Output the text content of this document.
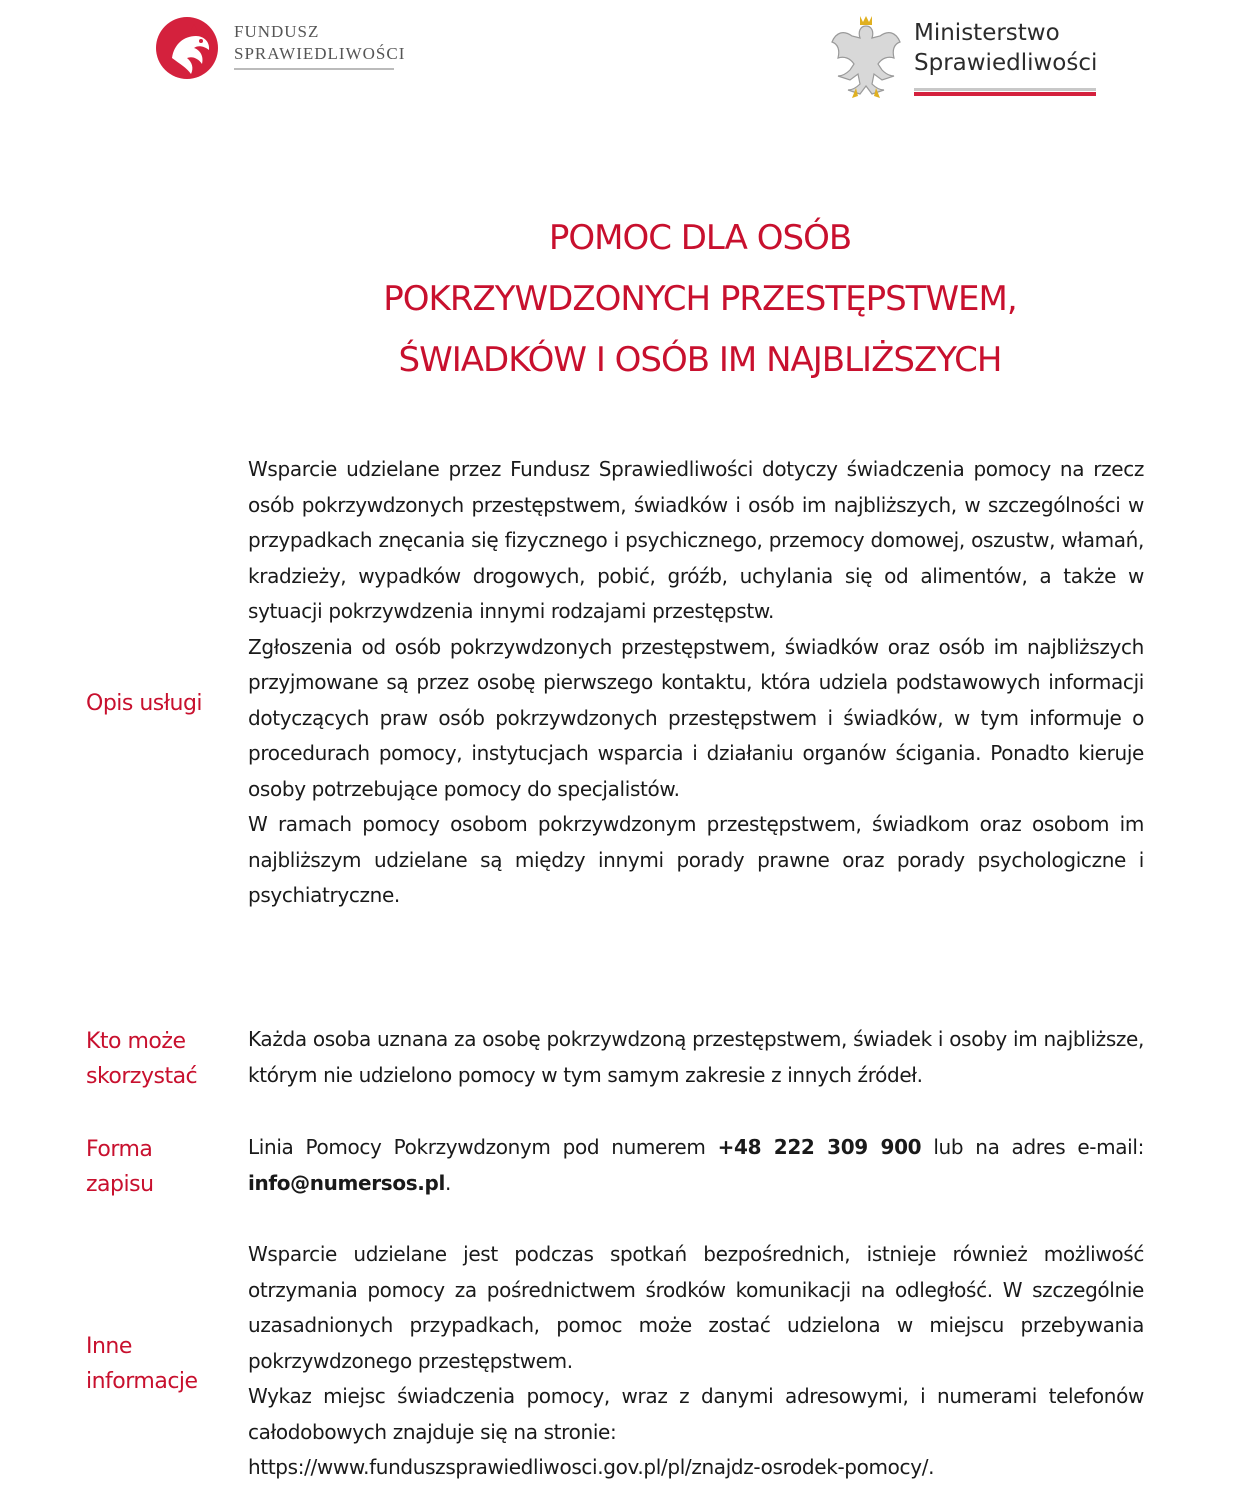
FUNDUSZ
SPRAWIEDLIWOŚCI
Ministerstwo
Sprawiedliwości
POMOC DLA OSÓB
POKRZYWDZONYCH PRZESTĘPSTWEM,
ŚWIADKÓW I OSÓB IM NAJBLIŻSZYCH
Opis usługi

Wsparcie udzielane przez Fundusz Sprawiedliwości dotyczy świadczenia pomocy na rzecz osób pokrzywdzonych przestępstwem, świadków i osób im najbliższych, w szczególności w przypadkach znęcania się fizycznego i psychicznego, przemocy domowej, oszustw, włamań, kradzieży, wypadków drogowych, pobić, gróźb, uchylania się od alimentów, a także w sytuacji pokrzywdzenia innymi rodzajami przestępstw.

Zgłoszenia od osób pokrzywdzonych przestępstwem, świadków oraz osób im najbliższych przyjmowane są przez osobę pierwszego kontaktu, która udziela podstawowych informacji dotyczących praw osób pokrzywdzonych przestępstwem i świadków, w tym informuje o procedurach pomocy, instytucjach wsparcia i działaniu organów ścigania. Ponadto kieruje osoby potrzebujące pomocy do specjalistów.

W ramach pomocy osobom pokrzywdzonym przestępstwem, świadkom oraz osobom im najbliższym udzielane są między innymi porady prawne oraz porady psychologiczne i psychiatryczne.

Kto może
skorzystać

Każda osoba uznana za osobę pokrzywdzoną przestępstwem, świadek i osoby im najbliższe, którym nie udzielono pomocy w tym samym zakresie z innych źródeł.

Forma
zapisu

Linia Pomocy Pokrzywdzonym pod numerem +48 222 309 900 lub na adres e-mail: info@numersos.pl.

Inne
informacje

Wsparcie udzielane jest podczas spotkań bezpośrednich, istnieje również możliwość otrzymania pomocy za pośrednictwem środków komunikacji na odległość. W szczególnie uzasadnionych przypadkach, pomoc może zostać udzielona w miejscu przebywania pokrzywdzonego przestępstwem.

Wykaz miejsc świadczenia pomocy, wraz z danymi adresowymi, i numerami telefonów całodobowych znajduje się na stronie:

https://www.funduszsprawiedliwosci.gov.pl/pl/znajdz-osrodek-pomocy/.
